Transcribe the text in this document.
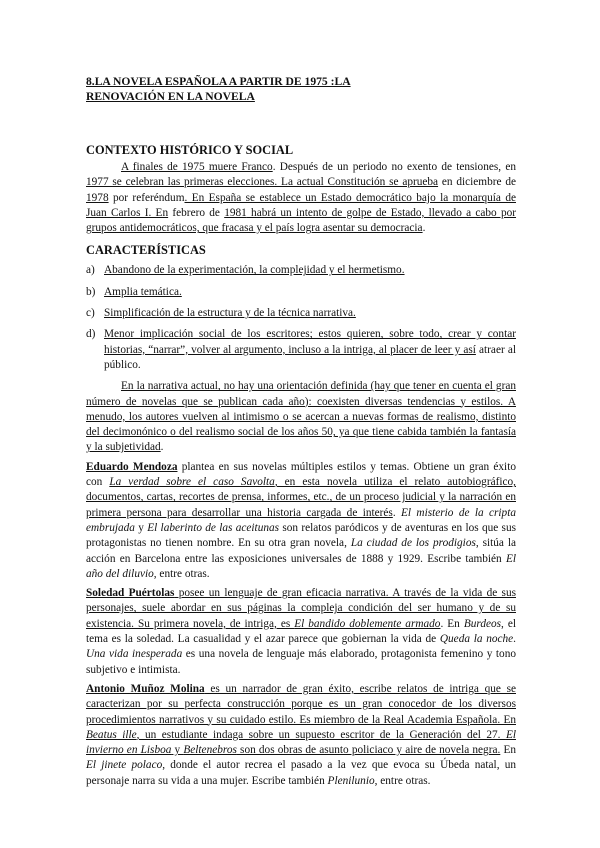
8.LA NOVELA ESPAÑOLA A PARTIR DE 1975 :LA
RENOVACIÓN EN LA NOVELA
CONTEXTO HISTÓRICO Y SOCIAL

A finales de 1975 muere Franco. Después de un periodo no exento de tensiones, en 1977 se celebran las primeras elecciones. La actual Constitución se aprueba en diciembre de 1978 por referéndum. En España se establece un Estado democrático bajo la monarquía de Juan Carlos I. En febrero de 1981 habrá un intento de golpe de Estado, llevado a cabo por grupos antidemocráticos, que fracasa y el país logra asentar su democracia.

CARACTERÍSTICAS
a) Abandono de la experimentación, la complejidad y el hermetismo.
b) Amplia temática.
c) Simplificación de la estructura y de la técnica narrativa.
d) Menor implicación social de los escritores; estos quieren, sobre todo, crear y contar historias, “narrar”, volver al argumento, incluso a la intriga, al placer de leer y así atraer al público.

En la narrativa actual, no hay una orientación definida (hay que tener en cuenta el gran número de novelas que se publican cada año): coexisten diversas tendencias y estilos. A menudo, los autores vuelven al intimismo o se acercan a nuevas formas de realismo, distinto del decimonónico o del realismo social de los años 50, ya que tiene cabida también la fantasía y la subjetividad.

Eduardo Mendoza plantea en sus novelas múltiples estilos y temas. Obtiene un gran éxito con La verdad sobre el caso Savolta, en esta novela utiliza el relato autobiográfico, documentos, cartas, recortes de prensa, informes, etc., de un proceso judicial y la narración en primera persona para desarrollar una historia cargada de interés. El misterio de la cripta embrujada y El laberinto de las aceitunas son relatos paródicos y de aventuras en los que sus protagonistas no tienen nombre. En su otra gran novela, La ciudad de los prodigios, sitúa la acción en Barcelona entre las exposiciones universales de 1888 y 1929. Escribe también El año del diluvio, entre otras.

Soledad Puértolas posee un lenguaje de gran eficacia narrativa. A través de la vida de sus personajes, suele abordar en sus páginas la compleja condición del ser humano y de su existencia. Su primera novela, de intriga, es El bandido doblemente armado. En Burdeos, el tema es la soledad. La casualidad y el azar parece que gobiernan la vida de Queda la noche. Una vida inesperada es una novela de lenguaje más elaborado, protagonista femenino y tono subjetivo e intimista.

Antonio Muñoz Molina es un narrador de gran éxito, escribe relatos de intriga que se caracterizan por su perfecta construcción porque es un gran conocedor de los diversos procedimientos narrativos y su cuidado estilo. Es miembro de la Real Academia Española. En Beatus ille, un estudiante indaga sobre un supuesto escritor de la Generación del 27. El invierno en Lisboa y Beltenebros son dos obras de asunto policiaco y aire de novela negra. En El jinete polaco, donde el autor recrea el pasado a la vez que evoca su Úbeda natal, un personaje narra su vida a una mujer. Escribe también Plenilunio, entre otras.
